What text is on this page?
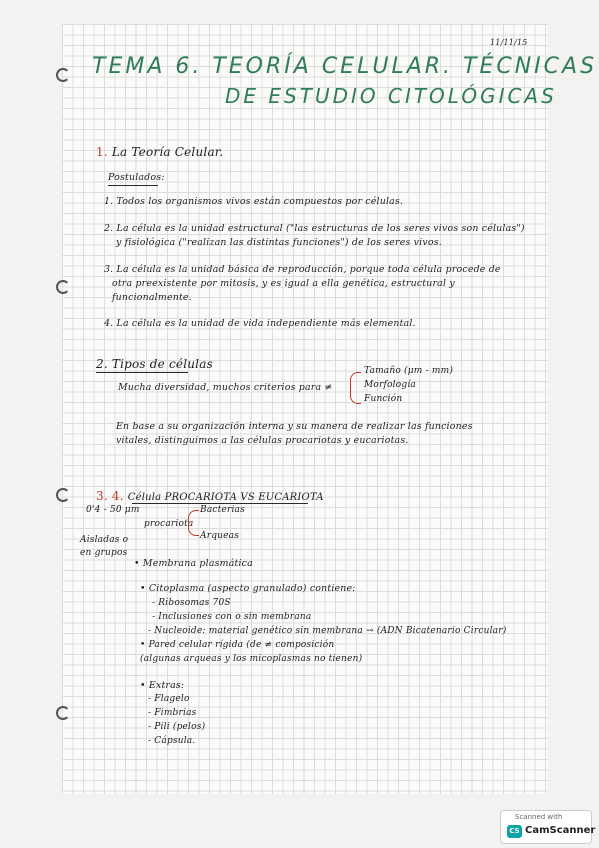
11/11/15
TEMA 6. TEORÍA CELULAR. TÉCNICAS
DE ESTUDIO CITOLÓGICAS
1. La Teoría Celular.
Postulados:
1. Todos los organismos vivos están compuestos por células.
2. La célula es la unidad estructural ("las estructuras de los seres vivos son células")
y fisiológica ("realizan las distintas funciones") de los seres vivos.
3. La célula es la unidad básica de reproducción, porque toda célula procede de
otra preexistente por mitosis, y es igual a ella genética, estructural y
funcionalmente.
4. La célula es la unidad de vida independiente más elemental.
2. Tipos de células
Mucha diversidad, muchos criterios para ≠
Tamaño (μm - mm)
Morfología
Función
En base a su organización interna y su manera de realizar las funciones
vitales, distinguimos a las células procariotas y eucariotas.
3. 4. Célula PROCARIOTA VS EUCARIOTA
0'4 - 50 μm	Bacterias
procariota
Arqueas
Aisladas o
en grupos
• Membrana plasmática
• Citoplasma (aspecto granulado) contiene:
- Ribosomas 70S
- Inclusiones con o sin membrana
- Nucleoide: material genético sin membrana → (ADN Bicatenario Circular)
• Pared celular rígida (de ≠ composición
(algunas arqueas y los micoplasmas no tienen)
• Extras:
- Flagelo
- Fimbrias
- Pili (pelos)
- Cápsula.
Scanned with
CS CamScanner
